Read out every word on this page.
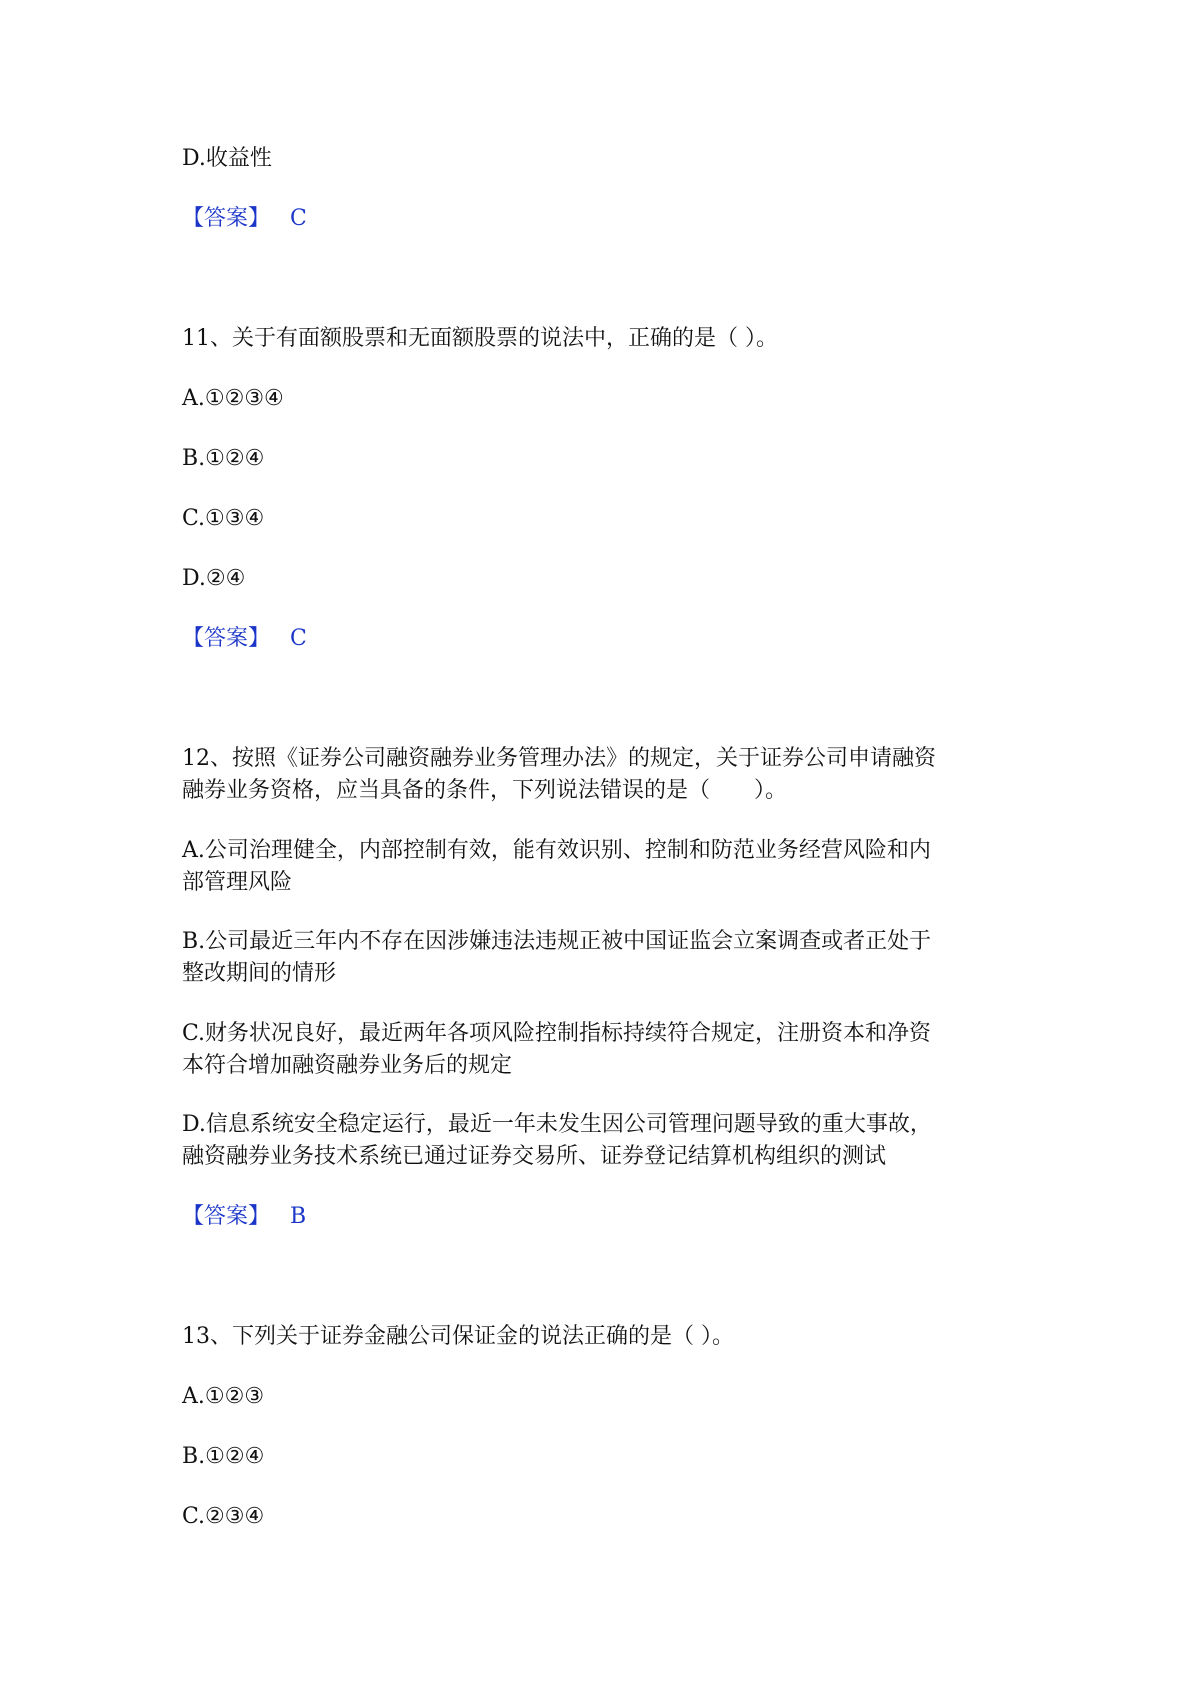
D.收益性
【答案】 C
11、关于有面额股票和无面额股票的说法中，正确的是（ ）。
A.①②③④
B.①②④
C.①③④
D.②④
【答案】 C
12、按照《证券公司融资融券业务管理办法》的规定，关于证券公司申请融资
融券业务资格，应当具备的条件，下列说法错误的是（　　）。
A.公司治理健全，内部控制有效，能有效识别、控制和防范业务经营风险和内
部管理风险
B.公司最近三年内不存在因涉嫌违法违规正被中国证监会立案调查或者正处于
整改期间的情形
C.财务状况良好，最近两年各项风险控制指标持续符合规定，注册资本和净资
本符合增加融资融券业务后的规定
D.信息系统安全稳定运行，最近一年未发生因公司管理问题导致的重大事故，
融资融券业务技术系统已通过证券交易所、证券登记结算机构组织的测试
【答案】 B
13、下列关于证券金融公司保证金的说法正确的是（ ）。
A.①②③
B.①②④
C.②③④
